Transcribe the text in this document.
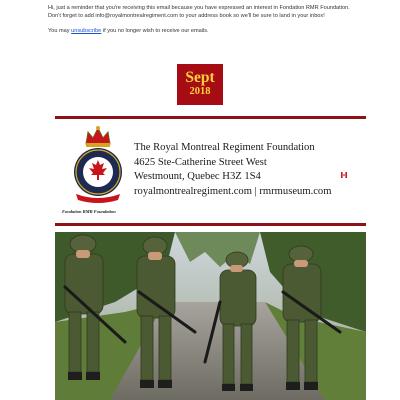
Hi, just a reminder that you're receiving this email because you have expressed an interest in Fondation RMR Foundation. Don't forget to add info@royalmontrealregiment.com to your address book so we'll be sure to land in your inbox!

You may unsubscribe if you no longer wish to receive our emails.

Sept
2018
Fondation RMR Foundation
The Royal Montreal Regiment Foundation
4625 Ste-Catherine Street West
Westmount, Quebec H3Z 1S4
royalmontrealregiment.com | rmrmuseum.com
